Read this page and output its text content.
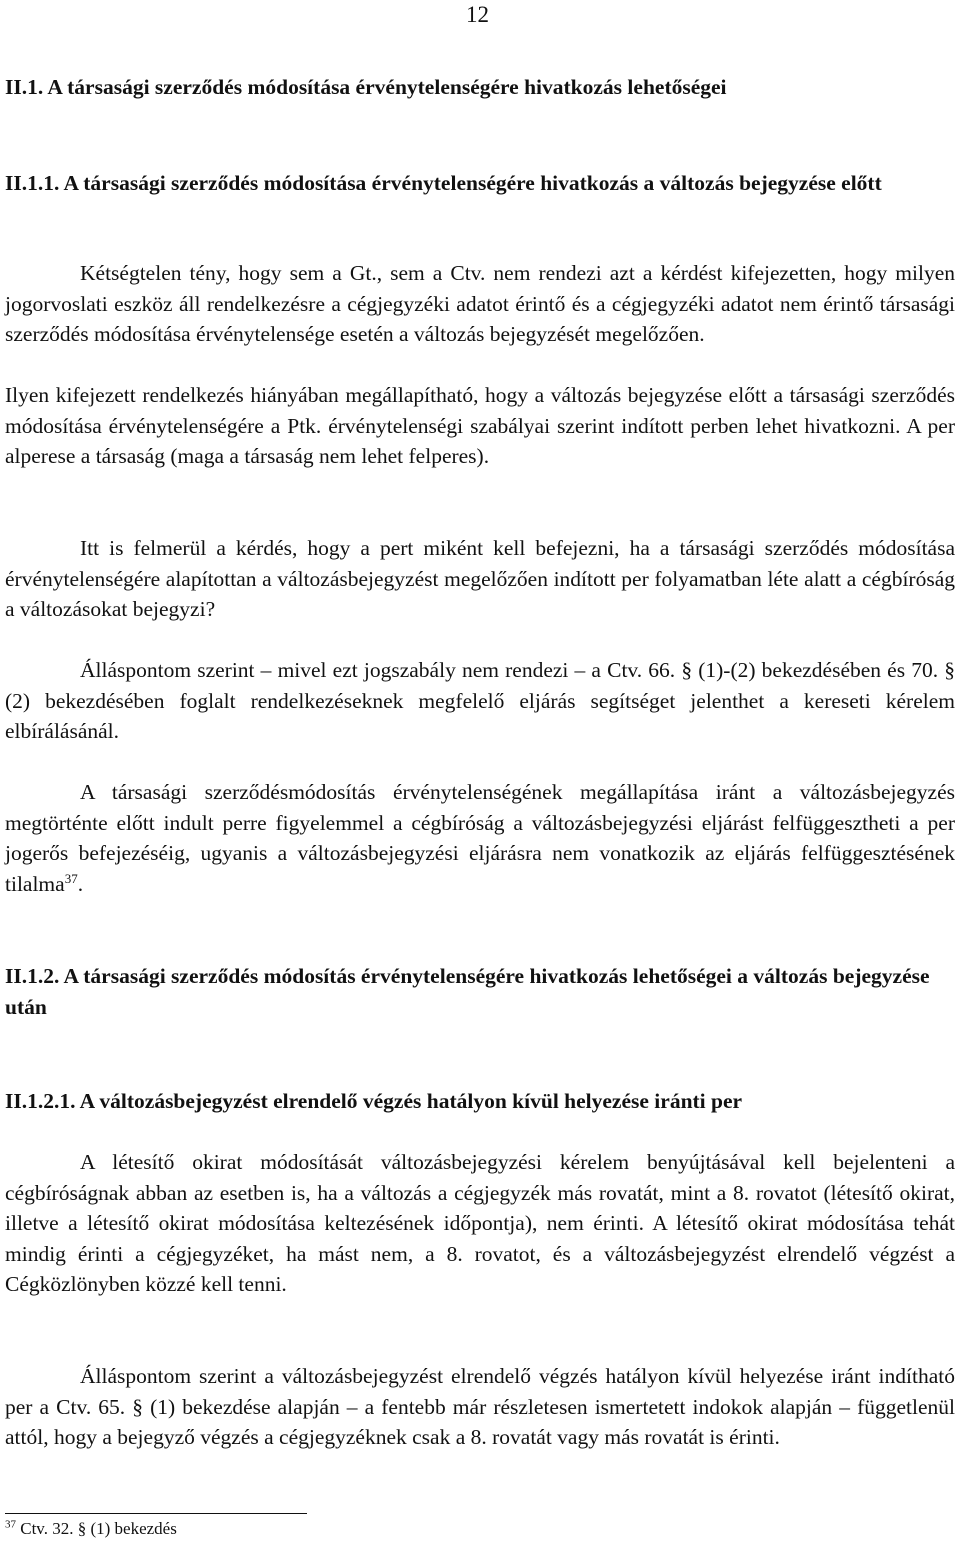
12
II.1. A társasági szerződés módosítása érvénytelenségére hivatkozás lehetőségei
II.1.1. A társasági szerződés módosítása érvénytelenségére hivatkozás a változás bejegyzése előtt
Kétségtelen tény, hogy sem a Gt., sem a Ctv. nem rendezi azt a kérdést kifejezetten, hogy milyen jogorvoslati eszköz áll rendelkezésre a cégjegyzéki adatot érintő és a cégjegyzéki adatot nem érintő társasági szerződés módosítása érvénytelensége esetén a változás bejegyzését megelőzően.
Ilyen kifejezett rendelkezés hiányában megállapítható, hogy a változás bejegyzése előtt a társasági szerződés módosítása érvénytelenségére a Ptk. érvénytelenségi szabályai szerint indított perben lehet hivatkozni. A per alperese a társaság (maga a társaság nem lehet felperes).
Itt is felmerül a kérdés, hogy a pert miként kell befejezni, ha a társasági szerződés módosítása érvénytelenségére alapítottan a változásbejegyzést megelőzően indított per folyamatban léte alatt a cégbíróság a változásokat bejegyzi?
Álláspontom szerint – mivel ezt jogszabály nem rendezi – a Ctv. 66. § (1)-(2) bekezdésében és 70. § (2) bekezdésében foglalt rendelkezéseknek megfelelő eljárás segítséget jelenthet a kereseti kérelem elbírálásánál.
A társasági szerződésmódosítás érvénytelenségének megállapítása iránt a változásbejegyzés megtörténte előtt indult perre figyelemmel a cégbíróság a változásbejegyzési eljárást felfüggesztheti a per jogerős befejezéséig, ugyanis a változásbejegyzési eljárásra nem vonatkozik az eljárás felfüggesztésének tilalma$^{37}$.
II.1.2. A társasági szerződés módosítás érvénytelenségére hivatkozás lehetőségei a változás bejegyzése után
II.1.2.1. A változásbejegyzést elrendelő végzés hatályon kívül helyezése iránti per
A létesítő okirat módosítását változásbejegyzési kérelem benyújtásával kell bejelenteni a cégbíróságnak abban az esetben is, ha a változás a cégjegyzék más rovatát, mint a 8. rovatot (létesítő okirat, illetve a létesítő okirat módosítása keltezésének időpontja), nem érinti. A létesítő okirat módosítása tehát mindig érinti a cégjegyzéket, ha mást nem, a 8. rovatot, és a változásbejegyzést elrendelő végzést a Cégközlönyben közzé kell tenni.
Álláspontom szerint a változásbejegyzést elrendelő végzés hatályon kívül helyezése iránt indítható per a Ctv. 65. § (1) bekezdése alapján – a fentebb már részletesen ismertetett indokok alapján – függetlenül attól, hogy a bejegyző végzés a cégjegyzéknek csak a 8. rovatát vagy más rovatát is érinti.
$^{37}$ Ctv. 32. § (1) bekezdés
